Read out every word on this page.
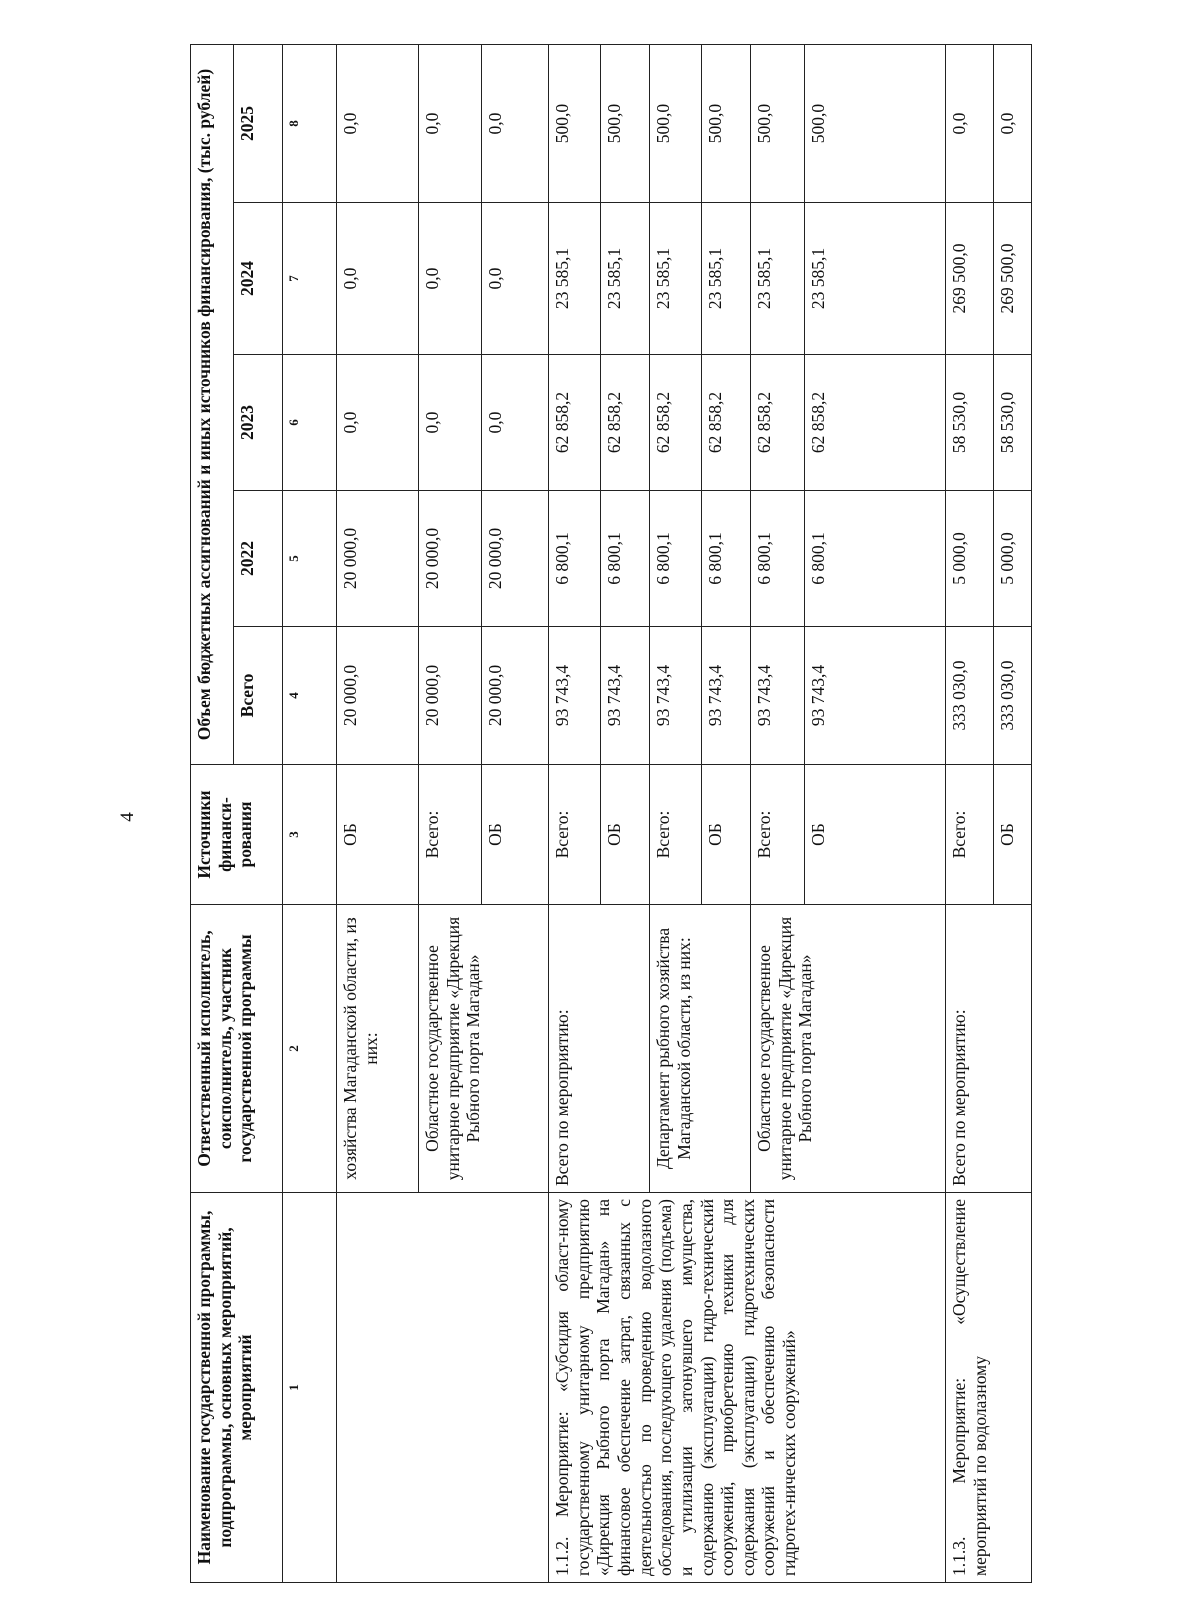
4
Наименование государственной программы, подпрограммы, основных мероприятий, мероприятий	Ответственный исполнитель, соисполнитель, участник государственной программы	Источники финанси-рования	Объем бюджетных ассигнований и иных источников финансирования, (тыс. рублей)				
			Всего	2022	2023	2024	2025
1	2	3	4	5	6	7	8
	хозяйства Магаданской области, из них:	ОБ	20 000,0	20 000,0	0,0	0,0	0,0
	Областное государственное унитарное предприятие «Дирекция Рыбного порта Магадан»	Всего:	20 000,0	20 000,0	0,0	0,0	0,0
		ОБ	20 000,0	20 000,0	0,0	0,0	0,0
1.1.2. Мероприятие: «Субсидия област-ному государственному унитарному предприятию «Дирекция Рыбного порта Магадан» на финансовое обеспечение затрат, связанных с деятельностью по проведению водолазного обследования, последующего удаления (подъема) и утилизации затонувшего имущества, содержанию (эксплуатации) гидро-технический сооружений, приобретению техники для содержания (эксплуатации) гидротехнических сооружений и обеспечению безопасности гидротех-нических сооружений»	Всего по мероприятию:	Всего:	93 743,4	6 800,1	62 858,2	23 585,1	500,0
		ОБ	93 743,4	6 800,1	62 858,2	23 585,1	500,0
	Департамент рыбного хозяйства Магаданской области, из них:	Всего:	93 743,4	6 800,1	62 858,2	23 585,1	500,0
		ОБ	93 743,4	6 800,1	62 858,2	23 585,1	500,0
	Областное государственное унитарное предприятие «Дирекция Рыбного порта Магадан»	Всего:	93 743,4	6 800,1	62 858,2	23 585,1	500,0
		ОБ	93 743,4	6 800,1	62 858,2	23 585,1	500,0
1.1.3. Мероприятие: «Осуществление мероприятий по водолазному	Всего по мероприятию:	Всего:	333 030,0	5 000,0	58 530,0	269 500,0	0,0
		ОБ	333 030,0	5 000,0	58 530,0	269 500,0	0,0
